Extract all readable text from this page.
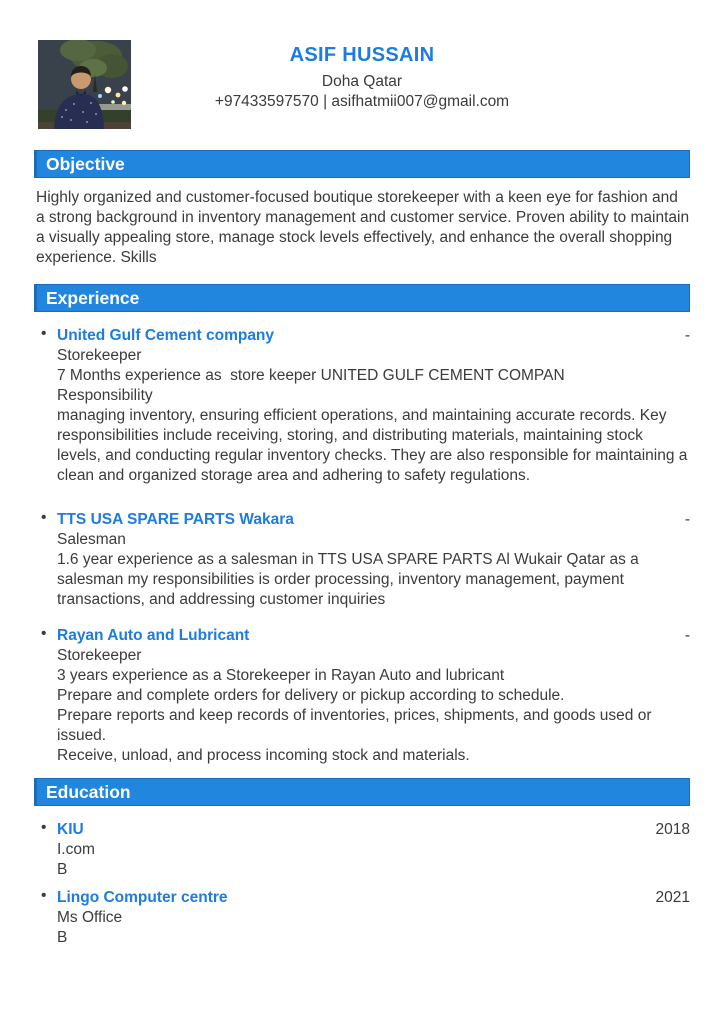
ASIF HUSSAIN
Doha Qatar
+97433597570 | asifhatmii007@gmail.com
Objective

Highly organized and customer-focused boutique storekeeper with a keen eye for fashion and a strong background in inventory management and customer service. Proven ability to maintain a visually appealing store, manage stock levels effectively, and enhance the overall shopping experience. Skills

Experience
• United Gulf Cement company	-
Storekeeper
7 Months experience as  store keeper UNITED GULF CEMENT COMPAN
Responsibility
managing inventory, ensuring efficient operations, and maintaining accurate records. Key responsibilities include receiving, storing, and distributing materials, maintaining stock levels, and conducting regular inventory checks. They are also responsible for maintaining a clean and organized storage area and adhering to safety regulations.
• TTS USA SPARE PARTS Wakara	-
Salesman
1.6 year experience as a salesman in TTS USA SPARE PARTS Al Wukair Qatar as a salesman my responsibilities is order processing, inventory management, payment transactions, and addressing customer inquiries
• Rayan Auto and Lubricant	-
Storekeeper
3 years experience as a Storekeeper in Rayan Auto and lubricant
Prepare and complete orders for delivery or pickup according to schedule.
Prepare reports and keep records of inventories, prices, shipments, and goods used or issued.
Receive, unload, and process incoming stock and materials.
Education
• KIU	2018
I.com
B
• Lingo Computer centre	2021
Ms Office
B
